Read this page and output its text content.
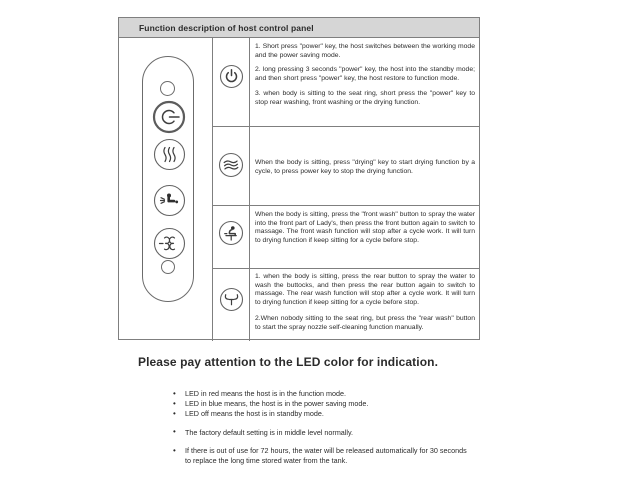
Function description of host control panel

1. Short press "power" key, the host switches between the working mode and the power saving mode.

2. long pressing 3 seconds "power" key, the host into the standby mode; and then short press "power" key, the host restore to function mode.

3. when body is sitting to the seat ring, short press the "power" key to stop rear washing, front washing or the drying function.

When the body is sitting, press "drying" key to start drying function by a cycle, to press power key to stop the drying function.

When the body is sitting, press the "front wash" button to spray the water into the front part of Lady's, then press the front button again to switch to massage. The front wash function will stop after a cycle work. It will turn to drying function if keep sitting for a cycle before stop.

1. when the body is sitting, press the rear button to spray the water to wash the buttocks, and then press the rear button again to switch to massage. The rear wash function will stop after a cycle work. It will turn to drying function if keep sitting for a cycle before stop.

2.When nobody sitting to the seat ring, but press the "rear wash" button to start the spray nozzle self-cleaning function manually.

Please pay attention to the LED color for indication.
• LED in red means the host is in the function mode.
• LED in blue means, the host is in the power saving mode.
• LED off means the host is in standby mode.
• The factory default setting is in middle level normally.
• If there is out of use for 72 hours, the water will be released automatically for 30 seconds to replace the long time stored water from the tank.
